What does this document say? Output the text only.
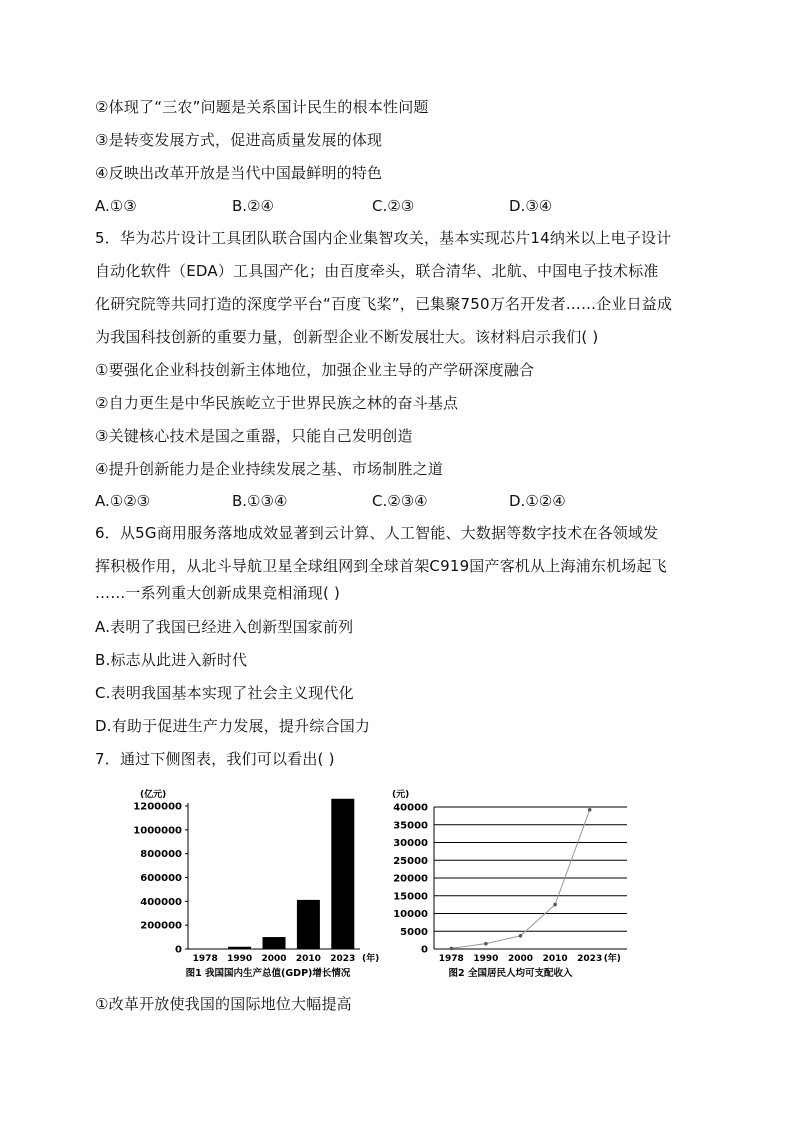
②体现了“三农”问题是关系国计民生的根本性问题
③是转变发展方式，促进高质量发展的体现
④反映出改革开放是当代中国最鲜明的特色
A.①③	B.②④	C.②③	D.③④
5．华为芯片设计工具团队联合国内企业集智攻关，基本实现芯片14纳米以上电子设计
自动化软件（EDA）工具国产化；由百度牵头，联合清华、北航、中国电子技术标准
化研究院等共同打造的深度学平台“百度飞桨”，已集聚750万名开发者……企业日益成
为我国科技创新的重要力量，创新型企业不断发展壮大。该材料启示我们( )
①要强化企业科技创新主体地位，加强企业主导的产学研深度融合
②自力更生是中华民族屹立于世界民族之林的奋斗基点
③关键核心技术是国之重器，只能自己发明创造
④提升创新能力是企业持续发展之基、市场制胜之道
A.①②③	B.①③④	C.②③④	D.①②④
6．从5G商用服务落地成效显著到云计算、人工智能、大数据等数字技术在各领域发
挥积极作用，从北斗导航卫星全球组网到全球首架C919国产客机从上海浦东机场起飞
……一系列重大创新成果竞相涌现( )
A.表明了我国已经进入创新型国家前列
B.标志从此进入新时代
C.表明我国基本实现了社会主义现代化
D.有助于促进生产力发展，提升综合国力
7．通过下侧图表，我们可以看出( )
(亿元)
0
200000
400000
600000
800000
1000000
1200000
1978 1990 2000 2010 2023 (年)
图1 我国国内生产总值(GDP)增长情况
(元)
0
5000
10000
15000
20000
25000
30000
35000
40000
1978 1990 2000 2010 2023 (年)
图2 全国居民人均可支配收入
①改革开放使我国的国际地位大幅提高
